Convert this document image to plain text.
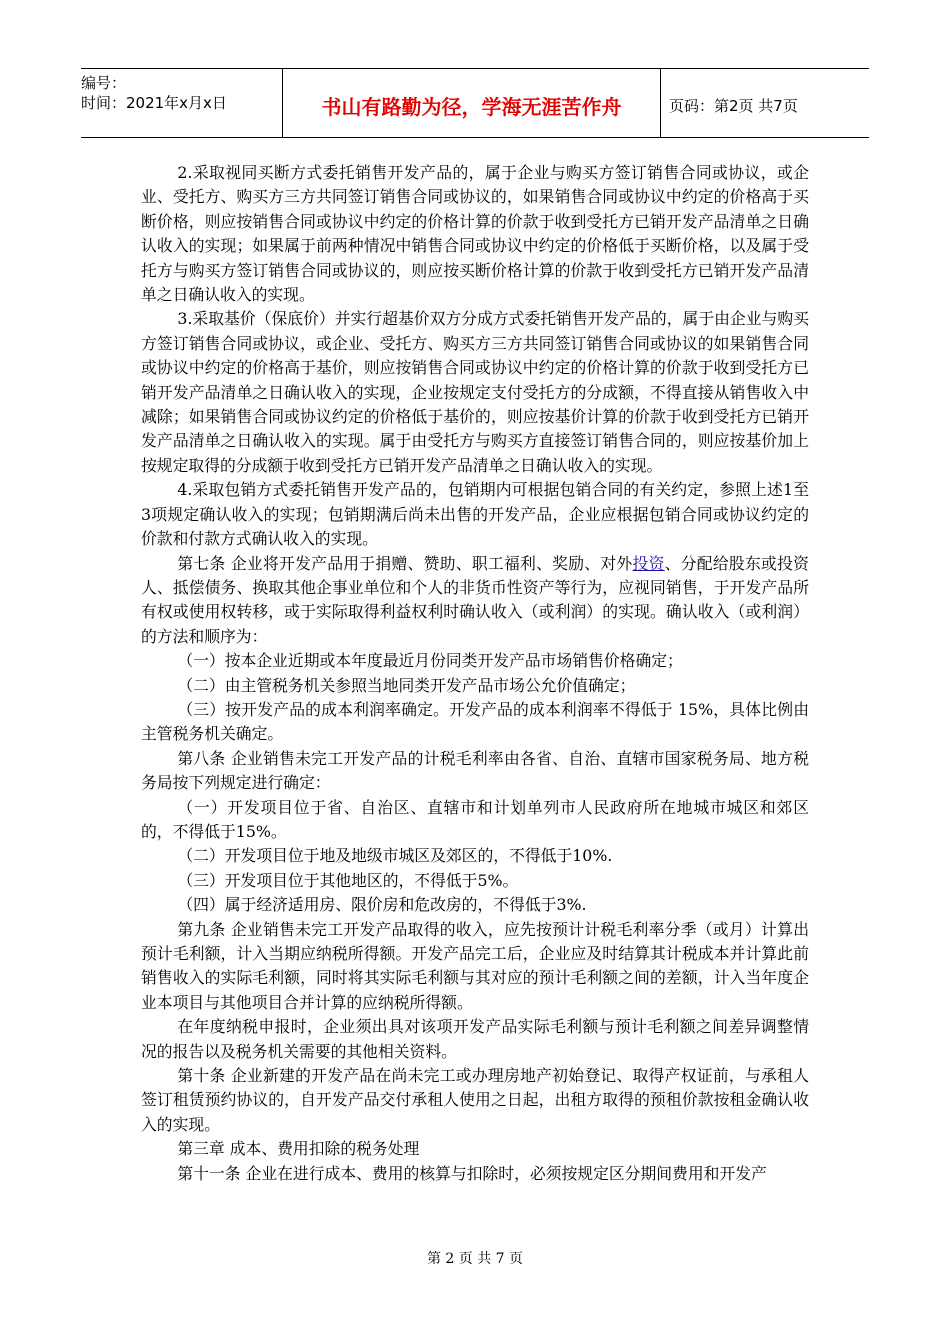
编号：
时间：2021年x月x日	书山有路勤为径，学海无涯苦作舟	页码：第2页 共7页

2.采取视同买断方式委托销售开发产品的，属于企业与购买方签订销售合同或协议，或企业、受托方、购买方三方共同签订销售合同或协议的，如果销售合同或协议中约定的价格高于买断价格，则应按销售合同或协议中约定的价格计算的价款于收到受托方已销开发产品清单之日确认收入的实现；如果属于前两种情况中销售合同或协议中约定的价格低于买断价格，以及属于受托方与购买方签订销售合同或协议的，则应按买断价格计算的价款于收到受托方已销开发产品清单之日确认收入的实现。

3.采取基价（保底价）并实行超基价双方分成方式委托销售开发产品的，属于由企业与购买方签订销售合同或协议，或企业、受托方、购买方三方共同签订销售合同或协议的如果销售合同或协议中约定的价格高于基价，则应按销售合同或协议中约定的价格计算的价款于收到受托方已销开发产品清单之日确认收入的实现，企业按规定支付受托方的分成额，不得直接从销售收入中减除；如果销售合同或协议约定的价格低于基价的，则应按基价计算的价款于收到受托方已销开发产品清单之日确认收入的实现。属于由受托方与购买方直接签订销售合同的，则应按基价加上按规定取得的分成额于收到受托方已销开发产品清单之日确认收入的实现。

4.采取包销方式委托销售开发产品的，包销期内可根据包销合同的有关约定，参照上述1至3项规定确认收入的实现；包销期满后尚未出售的开发产品，企业应根据包销合同或协议约定的价款和付款方式确认收入的实现。

第七条 企业将开发产品用于捐赠、赞助、职工福利、奖励、对外投资、分配给股东或投资人、抵偿债务、换取其他企事业单位和个人的非货币性资产等行为，应视同销售，于开发产品所有权或使用权转移，或于实际取得利益权利时确认收入（或利润）的实现。确认收入（或利润）的方法和顺序为：

（一）按本企业近期或本年度最近月份同类开发产品市场销售价格确定；

（二）由主管税务机关参照当地同类开发产品市场公允价值确定；

（三）按开发产品的成本利润率确定。开发产品的成本利润率不得低于 15%，具体比例由主管税务机关确定。

第八条 企业销售未完工开发产品的计税毛利率由各省、自治、直辖市国家税务局、地方税务局按下列规定进行确定：

（一）开发项目位于省、自治区、直辖市和计划单列市人民政府所在地城市城区和郊区的，不得低于15%。

（二）开发项目位于地及地级市城区及郊区的，不得低于10%.

（三）开发项目位于其他地区的，不得低于5%。

（四）属于经济适用房、限价房和危改房的，不得低于3%.

第九条 企业销售未完工开发产品取得的收入，应先按预计计税毛利率分季（或月）计算出预计毛利额，计入当期应纳税所得额。开发产品完工后，企业应及时结算其计税成本并计算此前销售收入的实际毛利额，同时将其实际毛利额与其对应的预计毛利额之间的差额，计入当年度企业本项目与其他项目合并计算的应纳税所得额。

在年度纳税申报时，企业须出具对该项开发产品实际毛利额与预计毛利额之间差异调整情况的报告以及税务机关需要的其他相关资料。

第十条 企业新建的开发产品在尚未完工或办理房地产初始登记、取得产权证前，与承租人签订租赁预约协议的，自开发产品交付承租人使用之日起，出租方取得的预租价款按租金确认收入的实现。

第三章 成本、费用扣除的税务处理

第十一条 企业在进行成本、费用的核算与扣除时，必须按规定区分期间费用和开发产

第 2 页 共 7 页
